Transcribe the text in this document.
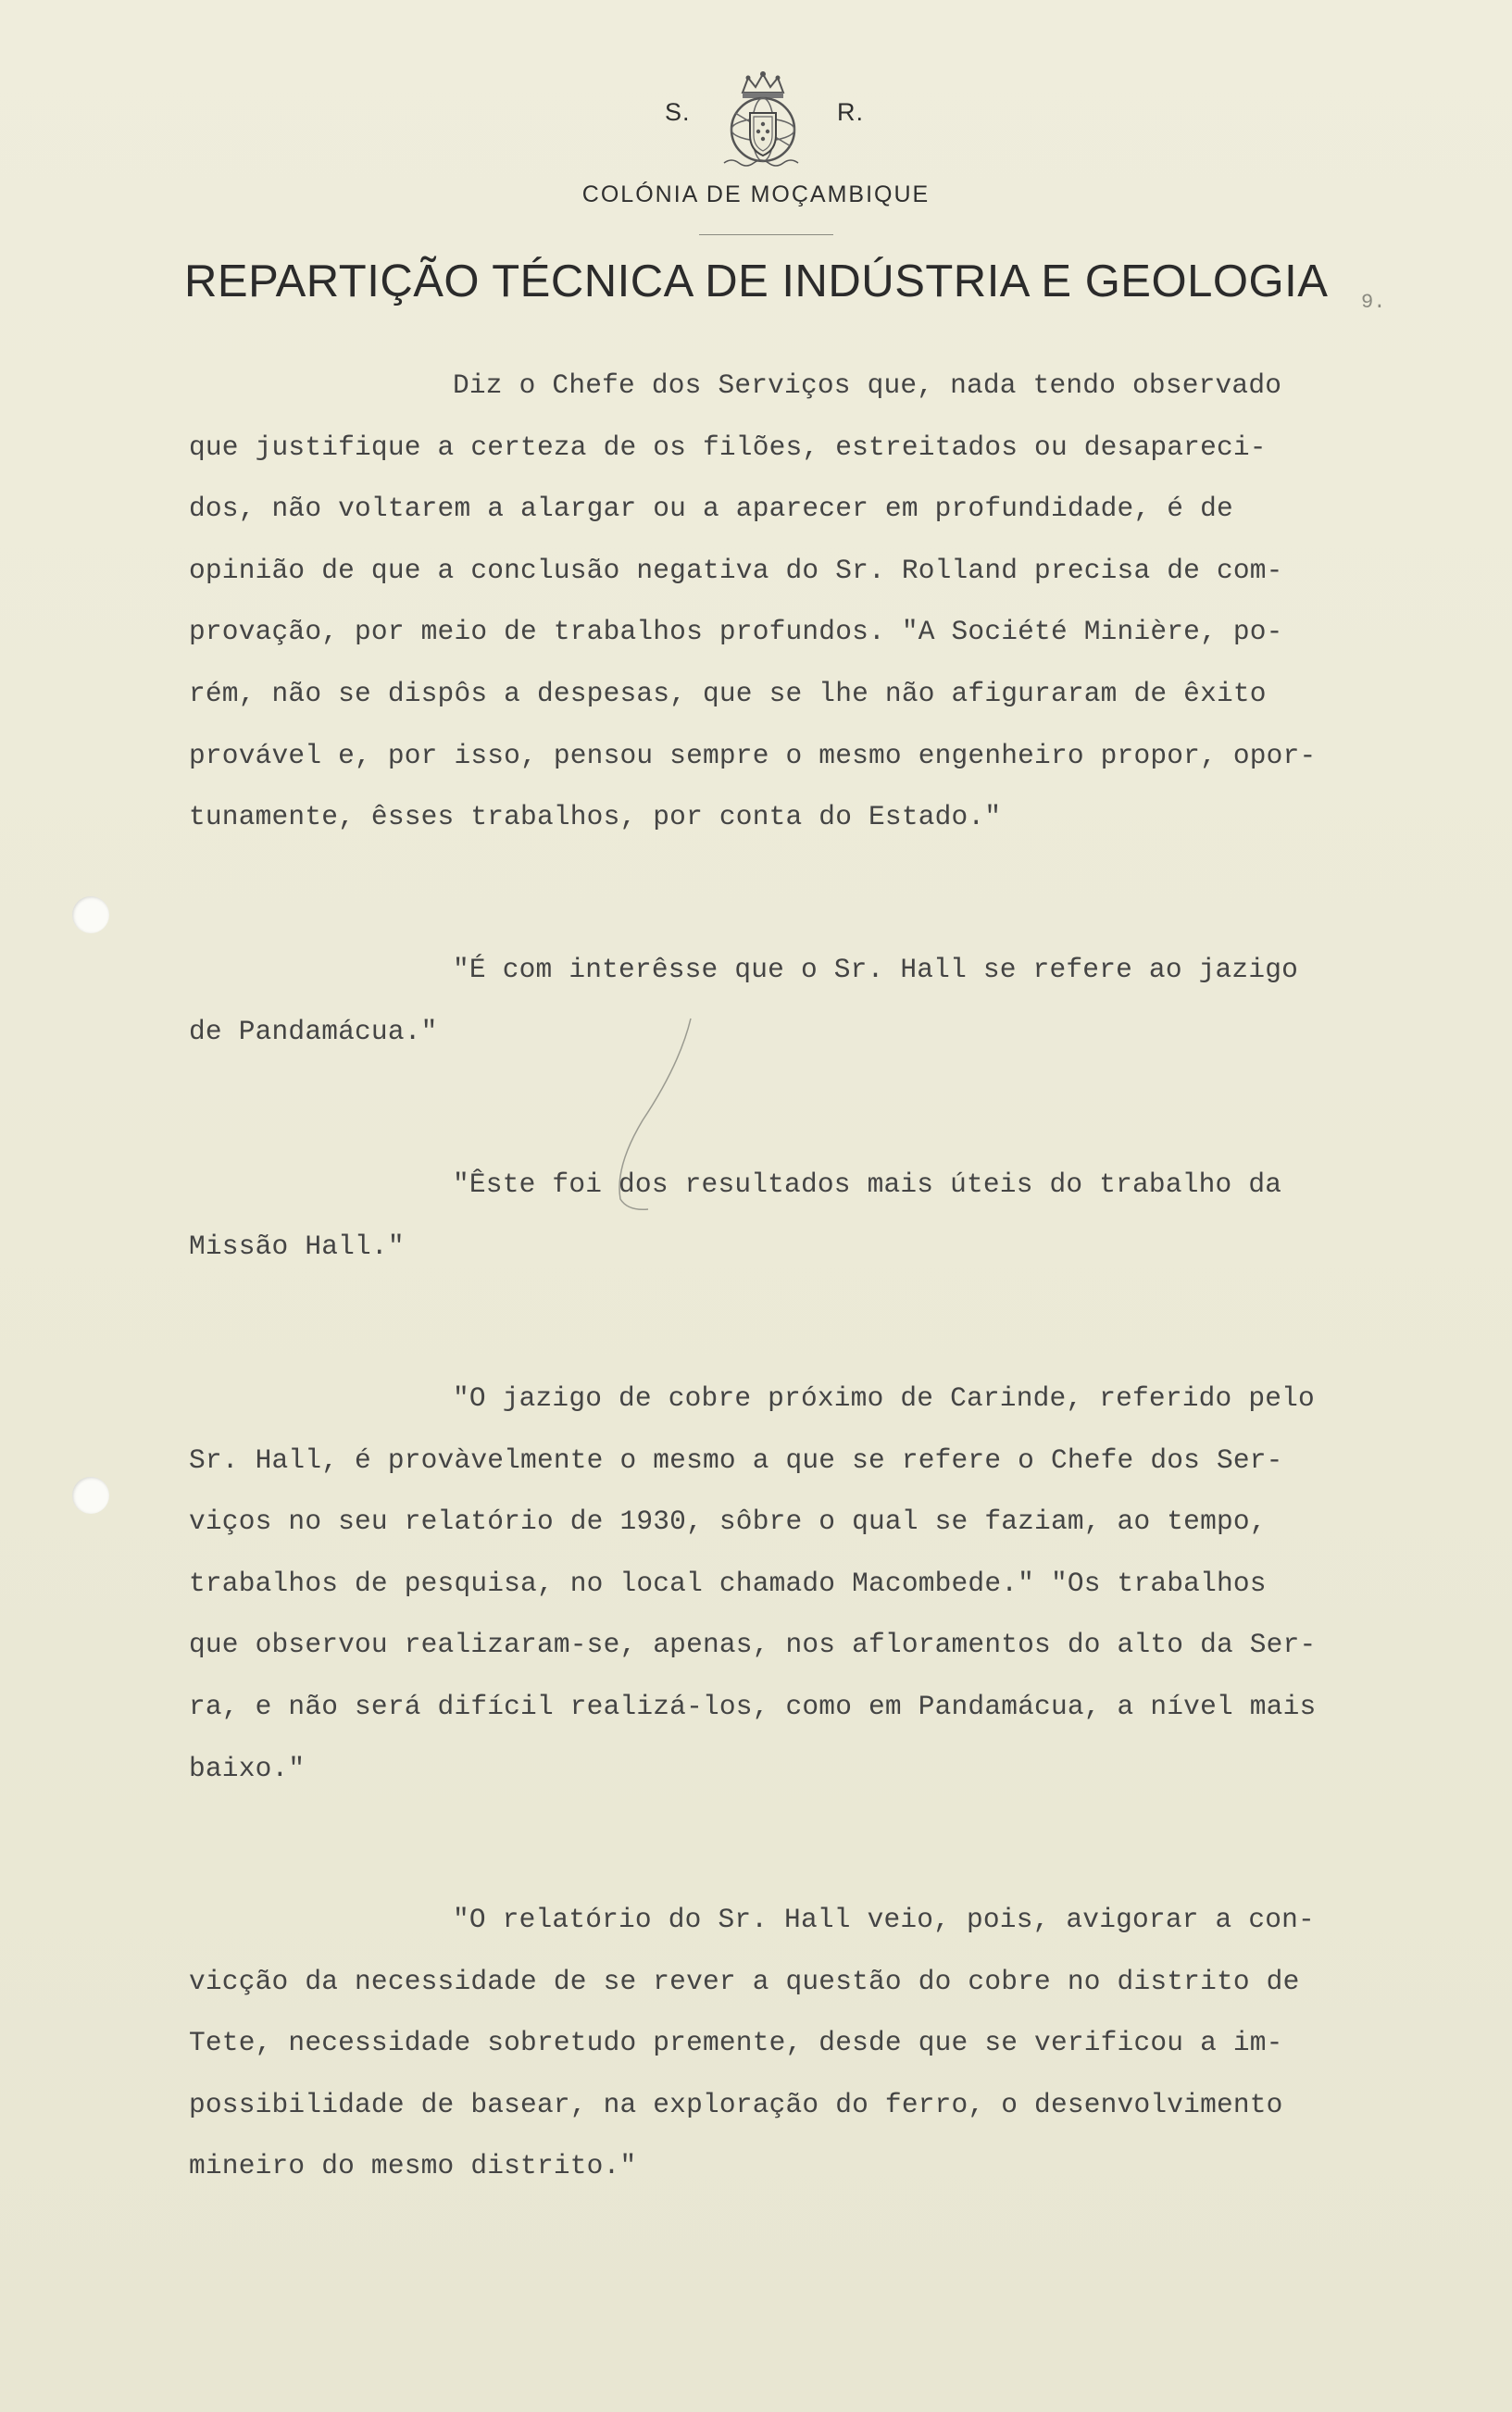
S.	R.
COLÓNIA DE MOÇAMBIQUE
REPARTIÇÃO TÉCNICA DE INDÚSTRIA E GEOLOGIA 9.
Diz o Chefe dos Serviços que, nada tendo observado
que justifique a certeza de os filões, estreitados ou desapareci-
dos, não voltarem a alargar ou a aparecer em profundidade, é de
opinião de que a conclusão negativa do Sr. Rolland precisa de com-
provação, por meio de trabalhos profundos. "A Société Minière, po-
rém, não se dispôs a despesas, que se lhe não afiguraram de êxito
provável e, por isso, pensou sempre o mesmo engenheiro propor, opor-
tunamente, êsses trabalhos, por conta do Estado."
"É com interêsse que o Sr. Hall se refere ao jazigo
de Pandamácua."
"Êste foi dos resultados mais úteis do trabalho da
Missão Hall."
"O jazigo de cobre próximo de Carinde, referido pelo
Sr. Hall, é provàvelmente o mesmo a que se refere o Chefe dos Ser-
viços no seu relatório de 1930, sôbre o qual se faziam, ao tempo,
trabalhos de pesquisa, no local chamado Macombede." "Os trabalhos
que observou realizaram-se, apenas, nos afloramentos do alto da Ser-
ra, e não será difícil realizá-los, como em Pandamácua, a nível mais
baixo."
"O relatório do Sr. Hall veio, pois, avigorar a con-
vicção da necessidade de se rever a questão do cobre no distrito de
Tete, necessidade sobretudo premente, desde que se verificou a im-
possibilidade de basear, na exploração do ferro, o desenvolvimento
mineiro do mesmo distrito."
